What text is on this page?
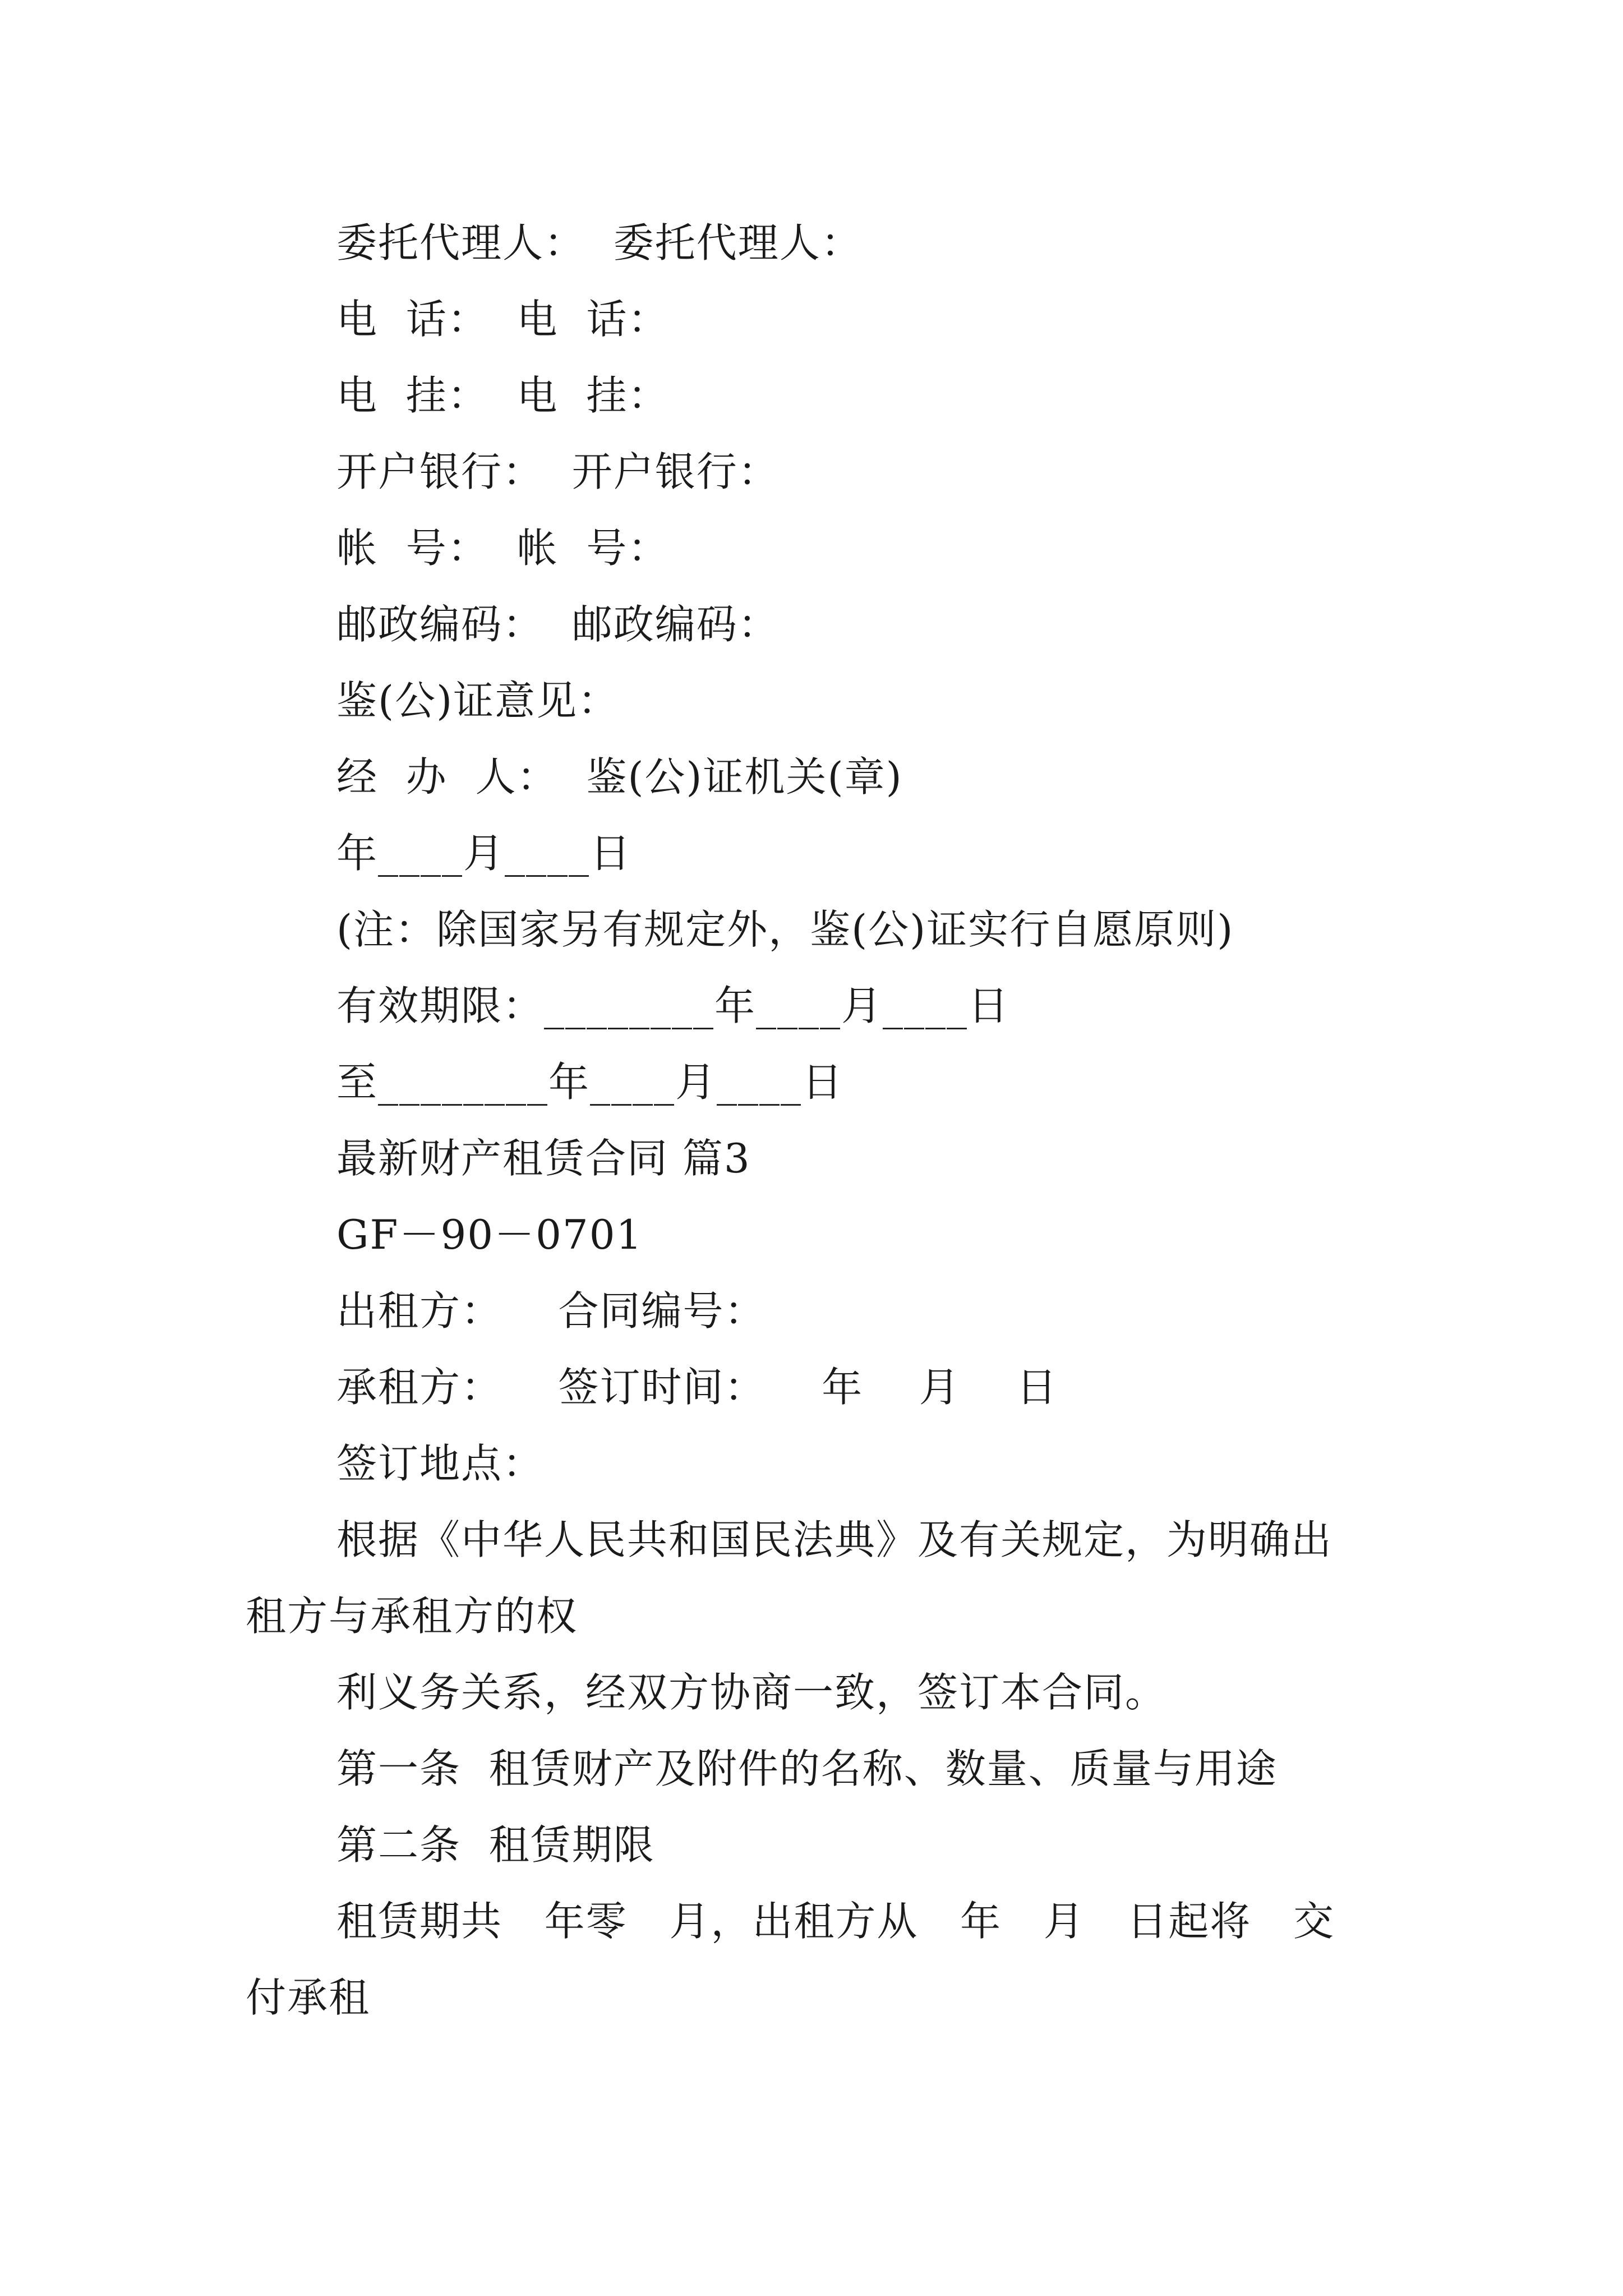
委托代理人：  委托代理人：
电  话：  电  话：
电  挂：  电  挂：
开户银行：  开户银行：
帐  号：  帐  号：
邮政编码：  邮政编码：
鉴(公)证意见：
经  办  人：  鉴(公)证机关(章)
年____月____日
(注：除国家另有规定外，鉴(公)证实行自愿原则)
有效期限：________年____月____日
至________年____月____日
最新财产租赁合同 篇3
GF－90－0701
出租方：    合同编号：
承租方：    签订时间：    年    月    日
签订地点：
根据《中华人民共和国民法典》及有关规定，为明确出
租方与承租方的权
利义务关系，经双方协商一致，签订本合同。
第一条  租赁财产及附件的名称、数量、质量与用途
第二条  租赁期限
租赁期共   年零   月，出租方从   年   月   日起将   交
付承租
